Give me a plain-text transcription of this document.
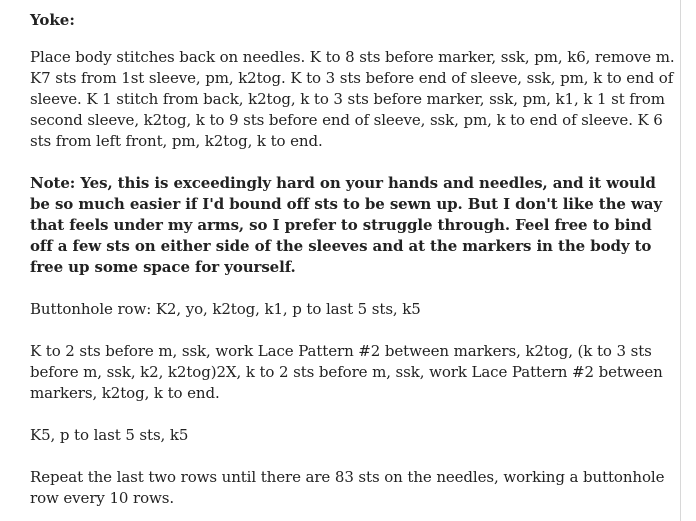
Yoke:

Place body stitches back on needles. K to 8 sts before marker, ssk, pm, k6, remove m. K7 sts from 1st sleeve, pm, k2tog. K to 3 sts before end of sleeve, ssk, pm, k to end of sleeve. K 1 stitch from back, k2tog, k to 3 sts before marker, ssk, pm, k1, k 1 st from second sleeve, k2tog, k to 9 sts before end of sleeve, ssk, pm, k to end of sleeve. K 6 sts from left front, pm, k2tog, k to end.

Note: Yes, this is exceedingly hard on your hands and needles, and it would be so much easier if I'd bound off sts to be sewn up. But I don't like the way that feels under my arms, so I prefer to struggle through. Feel free to bind off a few sts on either side of the sleeves and at the markers in the body to free up some space for yourself.

Buttonhole row: K2, yo, k2tog, k1, p to last 5 sts, k5

K to 2 sts before m, ssk, work Lace Pattern #2 between markers, k2tog, (k to 3 sts before m, ssk, k2, k2tog)2X, k to 2 sts before m, ssk, work Lace Pattern #2 between markers, k2tog, k to end.

K5, p to last 5 sts, k5

Repeat the last two rows until there are 83 sts on the needles, working a buttonhole row every 10 rows.
